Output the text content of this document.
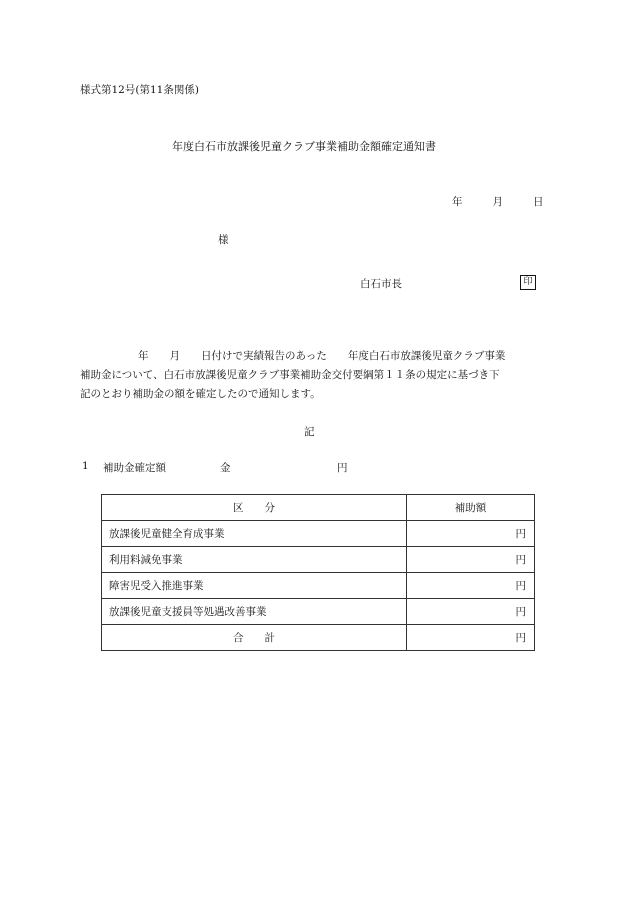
様式第12号(第11条関係)
年度白石市放課後児童クラブ事業補助金額確定通知書
年	月	日
様
白石市長	印
年　　月　　日付けで実績報告のあった　　年度白石市放課後児童クラブ事業
補助金について、白石市放課後児童クラブ事業補助金交付要綱第１１条の規定に基づき下
記のとおり補助金の額を確定したので通知します。
記
1 補助金確定額	金	円
区　　分	補助額
放課後児童健全育成事業	円
利用料減免事業	円
障害児受入推進事業	円
放課後児童支援員等処遇改善事業	円
合　　計	円
